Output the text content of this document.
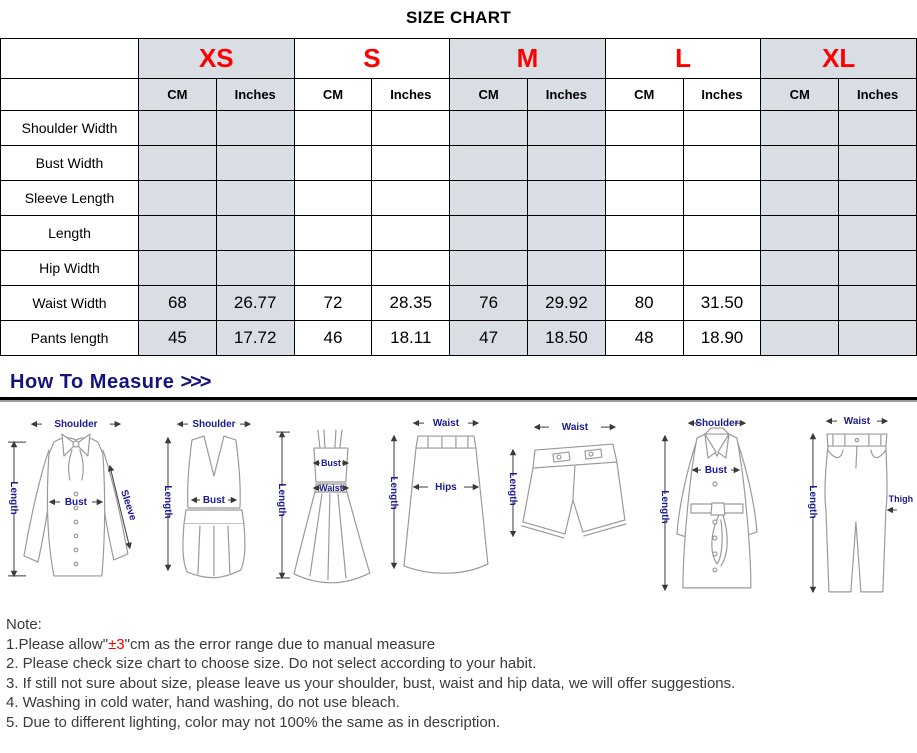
SIZE CHART
	XS		S		M		L		XL	
	CM	Inches	CM	Inches	CM	Inches	CM	Inches	CM	Inches
Shoulder Width										
Bust Width										
Sleeve Length										
Length										
Hip Width										
Waist Width	68	26.77	72	28.35	76	29.92	80	31.50		
Pants length	45	17.72	46	18.11	47	18.50	48	18.90		
How To Measure >>>
Shoulder
Length	Bust	Sleeve
Shoulder
Length	Bust
Bust
Waist
Length
Waist
Hips
Length
Waist
Length
Shoulder
Bust
Length
Waist
Thigh
Length
Note:
1.Please allow"±3"cm as the error range due to manual measure
2. Please check size chart to choose size. Do not select according to your habit.
3. If still not sure about size, please leave us your shoulder, bust, waist and hip data, we will offer suggestions.
4. Washing in cold water, hand washing, do not use bleach.
5. Due to different lighting, color may not 100% the same as in description.
